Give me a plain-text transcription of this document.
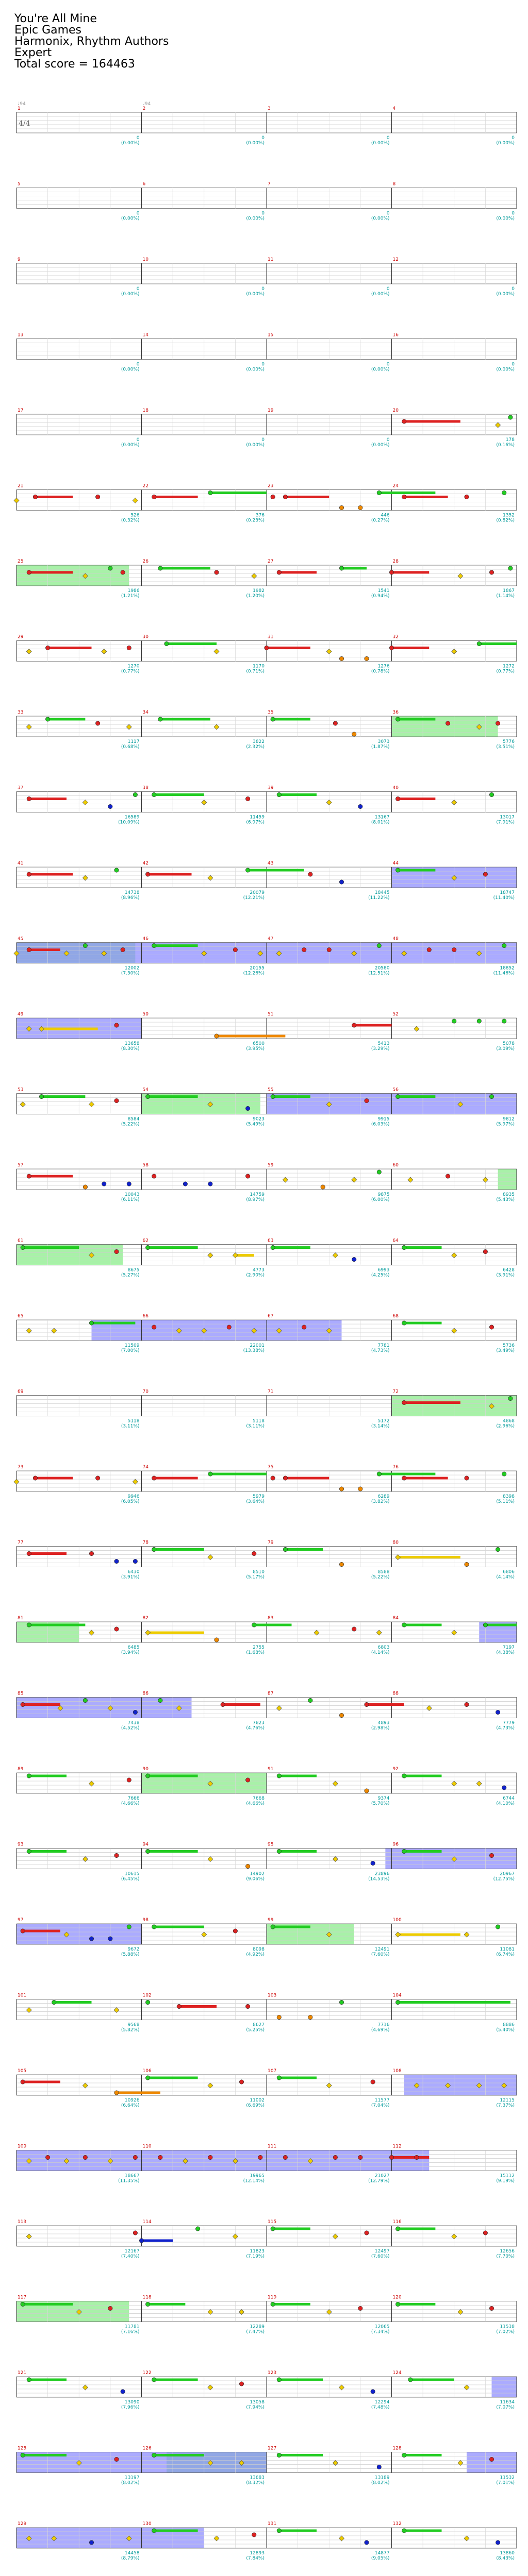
You're All Mine
Epic Games
Harmonix, Rhythm Authors
Expert
Total score = 164463
1
0
(0.00%)
2
0
(0.00%)
3
0
(0.00%)
4
0
(0.00%)
♩94	♩94
4/4
5
0
(0.00%)
6
0
(0.00%)
7
0
(0.00%)
8
0
(0.00%)
9
0
(0.00%)
10
0
(0.00%)
11
0
(0.00%)
12
0
(0.00%)
13
0
(0.00%)
14
0
(0.00%)
15
0
(0.00%)
16
0
(0.00%)
17
0
(0.00%)
18
0
(0.00%)
19
0
(0.00%)
20
178
(0.16%)
21
526
(0.32%)
22
376
(0.23%)
23
446
(0.27%)
24
1352
(0.82%)
25
1986
(1.21%)
26
1982
(1.20%)
27
1541
(0.94%)
28
1867
(1.14%)
29
1270
(0.77%)
30
1170
(0.71%)
31
1276
(0.78%)
32
1272
(0.77%)
33
1117
(0.68%)
34
3822
(2.32%)
35
3073
(1.87%)
36
5776
(3.51%)
37
16589
(10.09%)
38
11459
(6.97%)
39
13167
(8.01%)
40
13017
(7.91%)
41
14738
(8.96%)
42
20079
(12.21%)
43
18445
(11.22%)
44
18747
(11.40%)
45
12002
(7.30%)
46
20155
(12.26%)
47
20580
(12.51%)
48
18852
(11.46%)
49
13658
(8.30%)
50
6500
(3.95%)
51
5413
(3.29%)
52
5078
(3.09%)
53
8584
(5.22%)
54
9023
(5.49%)
55
9915
(6.03%)
56
9812
(5.97%)
57
10043
(6.11%)
58
14759
(8.97%)
59
9875
(6.00%)
60
8935
(5.43%)
61
8675
(5.27%)
62
4773
(2.90%)
63
6993
(4.25%)
64
6428
(3.91%)
65
11509
(7.00%)
66
22001
(13.38%)
67
7781
(4.73%)
68
5736
(3.49%)
69
5118
(3.11%)
70
5118
(3.11%)
71
5172
(3.14%)
72
4868
(2.96%)
73
9946
(6.05%)
74
5979
(3.64%)
75
6289
(3.82%)
76
8398
(5.11%)
77
6430
(3.91%)
78
8510
(5.17%)
79
8588
(5.22%)
80
6806
(4.14%)
81
6485
(3.94%)
82
2755
(1.68%)
83
6803
(4.14%)
84
7197
(4.38%)
85
7438
(4.52%)
86
7823
(4.76%)
87
4893
(2.98%)
88
7779
(4.73%)
89
7666
(4.66%)
90
7668
(4.66%)
91
9374
(5.70%)
92
6744
(4.10%)
93
10615
(6.45%)
94
14902
(9.06%)
95
23896
(14.53%)
96
20967
(12.75%)
97
9672
(5.88%)
98
8098
(4.92%)
99
12491
(7.60%)
100
11081
(6.74%)
101
9568
(5.82%)
102
8627
(5.25%)
103
7716
(4.69%)
104
8886
(5.40%)
105
10926
(6.64%)
106
11002
(6.69%)
107
11577
(7.04%)
108
12115
(7.37%)
109
18667
(11.35%)
110
19965
(12.14%)
111
21027
(12.79%)
112
15112
(9.19%)
113
12167
(7.40%)
114
11823
(7.19%)
115
12497
(7.60%)
116
12656
(7.70%)
117
11781
(7.16%)
118
12289
(7.47%)
119
12065
(7.34%)
120
11538
(7.02%)
121
13090
(7.96%)
122
13058
(7.94%)
123
12294
(7.48%)
124
11634
(7.07%)
125
13197
(8.02%)
126
13683
(8.32%)
127
13189
(8.02%)
128
11532
(7.01%)
129
14458
(8.79%)
130
12893
(7.84%)
131
14877
(9.05%)
132
13860
(8.43%)
